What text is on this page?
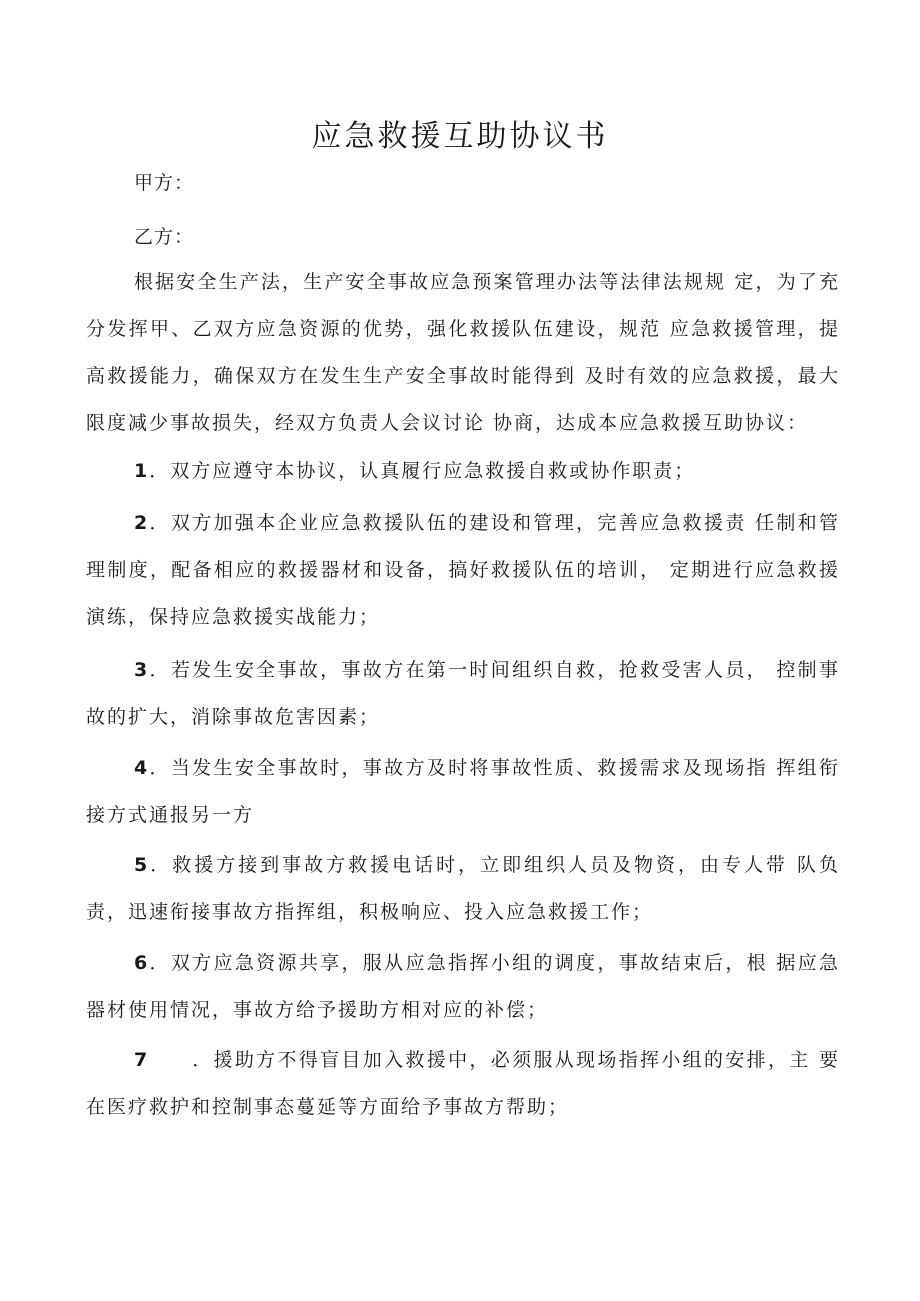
应急救援互助协议书
甲方：
乙方：

根据安全生产法，生产安全事故应急预案管理办法等法律法规规 定，为了充分发挥甲、乙双方应急资源的优势，强化救援队伍建设，规范 应急救援管理，提高救援能力，确保双方在发生生产安全事故时能得到 及时有效的应急救援，最大限度减少事故损失，经双方负责人会议讨论 协商，达成本应急救援互助协议：

1．双方应遵守本协议，认真履行应急救援自救或协作职责；

2．双方加强本企业应急救援队伍的建设和管理，完善应急救援责 任制和管理制度，配备相应的救援器材和设备，搞好救援队伍的培训， 定期进行应急救援演练，保持应急救援实战能力；

3．若发生安全事故，事故方在第一时间组织自救，抢救受害人员， 控制事故的扩大，消除事故危害因素；

4．当发生安全事故时，事故方及时将事故性质、救援需求及现场指 挥组衔接方式通报另一方

5．救援方接到事故方救援电话时，立即组织人员及物资，由专人带 队负责，迅速衔接事故方指挥组，积极响应、投入应急救援工作；

6．双方应急资源共享，服从应急指挥小组的调度，事故结束后，根 据应急器材使用情况，事故方给予援助方相对应的补偿；

7　　．援助方不得盲目加入救援中，必须服从现场指挥小组的安排，主 要在医疗救护和控制事态蔓延等方面给予事故方帮助；
